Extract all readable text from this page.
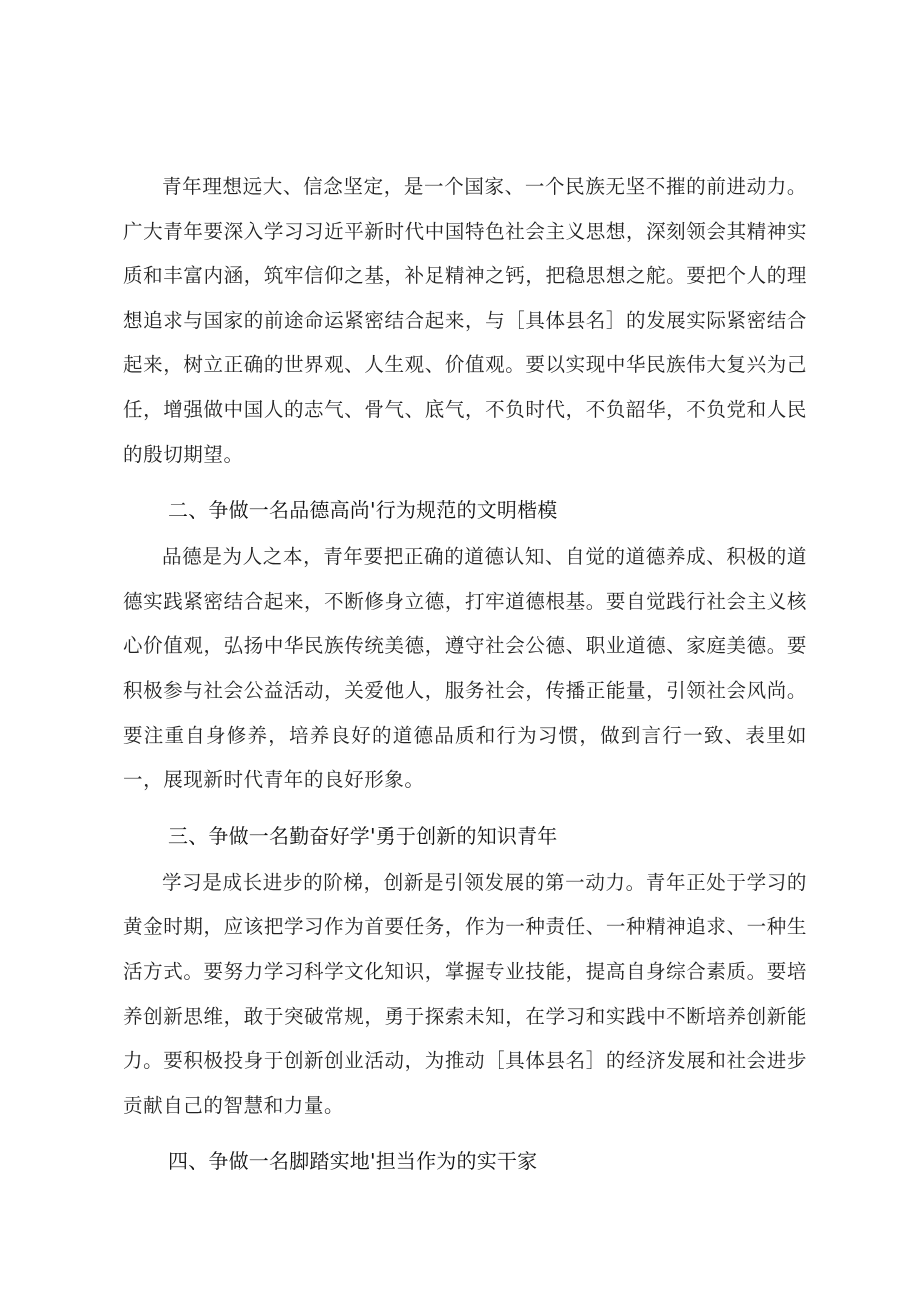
青年理想远大、信念坚定，是一个国家、一个民族无坚不摧的前进动力。广大青年要深入学习习近平新时代中国特色社会主义思想，深刻领会其精神实质和丰富内涵，筑牢信仰之基，补足精神之钙，把稳思想之舵。要把个人的理想追求与国家的前途命运紧密结合起来，与［具体县名］的发展实际紧密结合起来，树立正确的世界观、人生观、价值观。要以实现中华民族伟大复兴为己任，增强做中国人的志气、骨气、底气，不负时代，不负韶华，不负党和人民的殷切期望。

二、争做一名品德高尚'行为规范的文明楷模

品德是为人之本，青年要把正确的道德认知、自觉的道德养成、积极的道德实践紧密结合起来，不断修身立德，打牢道德根基。要自觉践行社会主义核心价值观，弘扬中华民族传统美德，遵守社会公德、职业道德、家庭美德。要积极参与社会公益活动，关爱他人，服务社会，传播正能量，引领社会风尚。要注重自身修养，培养良好的道德品质和行为习惯，做到言行一致、表里如一，展现新时代青年的良好形象。

三、争做一名勤奋好学'勇于创新的知识青年

学习是成长进步的阶梯，创新是引领发展的第一动力。青年正处于学习的黄金时期，应该把学习作为首要任务，作为一种责任、一种精神追求、一种生活方式。要努力学习科学文化知识，掌握专业技能，提高自身综合素质。要培养创新思维，敢于突破常规，勇于探索未知，在学习和实践中不断培养创新能力。要积极投身于创新创业活动，为推动［具体县名］的经济发展和社会进步贡献自己的智慧和力量。

四、争做一名脚踏实地'担当作为的实干家
